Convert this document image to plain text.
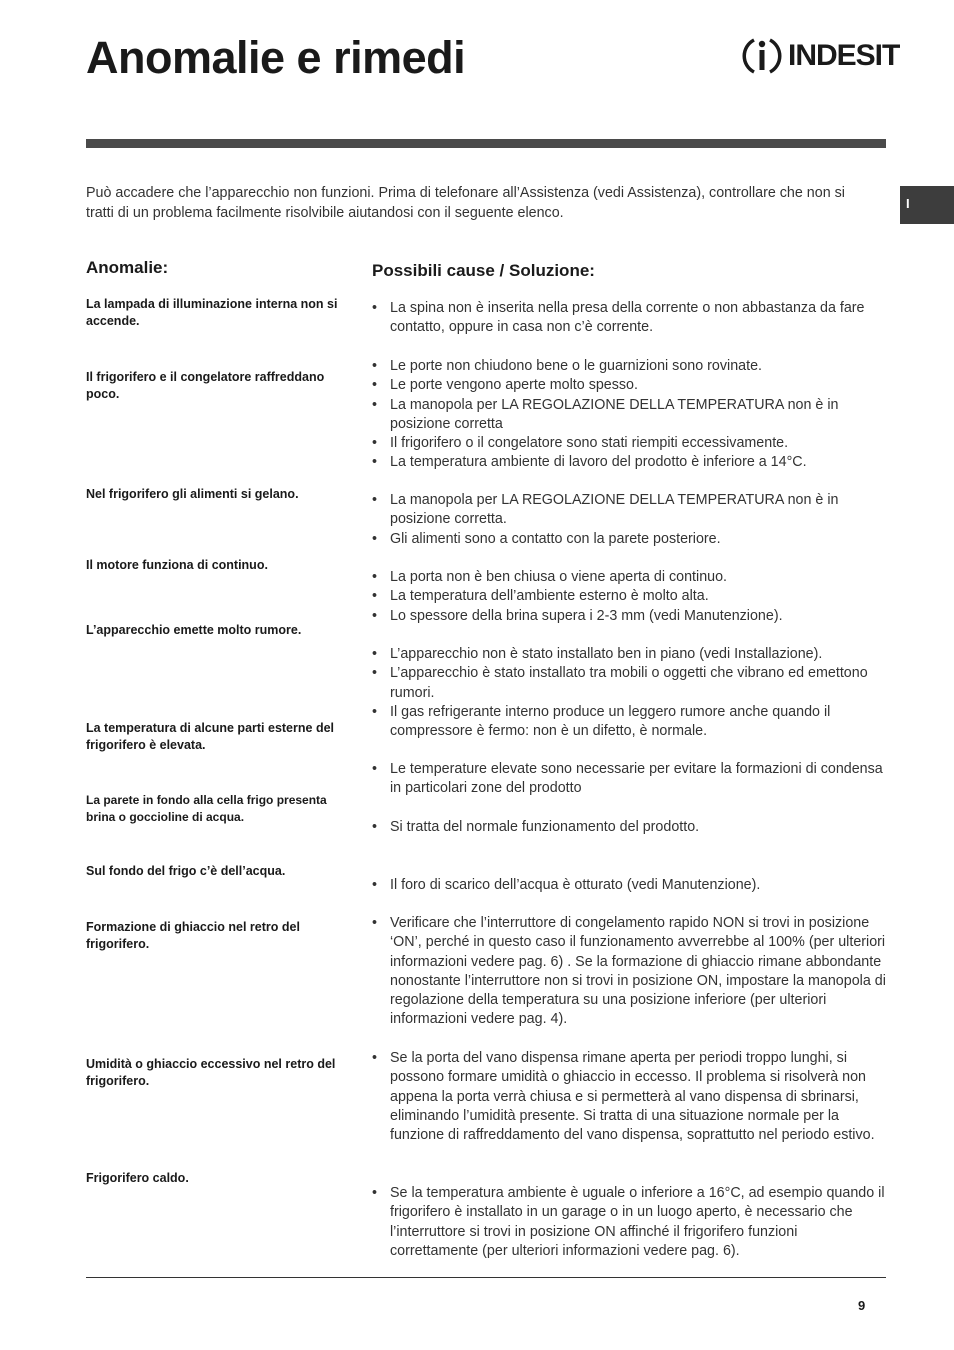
Anomalie e rimedi	INDESIT
Può accadere che l’apparecchio non funzioni. Prima di telefonare all’Assistenza (vedi Assistenza), controllare che non si tratti di un problema facilmente risolvibile aiutandosi con il seguente elenco.
I
Anomalie:	Possibili cause / Soluzione:
La lampada di illuminazione interna non si accende.
• La spina non è inserita nella presa della corrente o non abbastanza da fare contatto, oppure in casa non c’è corrente.
Il frigorifero e il congelatore raffreddano poco.
• Le porte non chiudono bene o le guarnizioni sono rovinate.
• Le porte vengono aperte molto spesso.
• La manopola per LA REGOLAZIONE DELLA TEMPERATURA non è in posizione corretta
• Il frigorifero o il congelatore sono stati riempiti eccessivamente.
• La temperatura ambiente di lavoro del prodotto è inferiore a 14°C.
Nel frigorifero gli alimenti si gelano.
•	La manopola per LA REGOLAZIONE DELLA TEMPERATURA non è in posizione corretta.
• Gli alimenti sono a contatto con la parete posteriore.
Il motore funziona di continuo.
• La porta non è ben chiusa o viene aperta di continuo.
• La temperatura dell’ambiente esterno è molto alta.
• Lo spessore della brina supera i 2-3 mm (vedi Manutenzione).
L’apparecchio emette molto rumore.
• L’apparecchio non è stato installato ben in piano (vedi Installazione).
• L’apparecchio è stato installato tra mobili o oggetti che vibrano ed emettono rumori.
• Il gas refrigerante interno produce un leggero rumore anche quando il compressore è fermo: non è un difetto, è normale.
La temperatura di alcune parti esterne del frigorifero è elevata.
• Le temperature elevate sono necessarie per evitare la formazioni di condensa in particolari zone del prodotto
La parete in fondo alla cella frigo presenta brina o goccioline di acqua.
• Si tratta del normale funzionamento del prodotto.
Sul fondo del frigo c’è dell’acqua.
• Il foro di scarico dell’acqua è otturato (vedi Manutenzione).
Formazione di ghiaccio nel retro del frigorifero.
• Verificare che l’interruttore di congelamento rapido NON si trovi in posizione ‘ON’, perché in questo caso il funzionamento avverrebbe al 100% (per ulteriori informazioni vedere pag. 6) . Se la formazione di ghiaccio rimane abbondante nonostante l’interruttore non si trovi in posizione ON, impostare la manopola di regolazione della temperatura su una posizione inferiore (per ulteriori informazioni vedere pag. 4).
Umidità o ghiaccio eccessivo nel retro del frigorifero.
• Se la porta del vano dispensa rimane aperta per periodi troppo lunghi, si possono formare umidità o ghiaccio in eccesso. Il problema si risolverà non appena la porta verrà chiusa e si permetterà al vano dispensa di sbrinarsi, eliminando l’umidità presente. Si tratta di una situazione normale per la funzione di raffreddamento del vano dispensa, soprattutto nel periodo estivo.
Frigorifero caldo.
• Se la temperatura ambiente è uguale o inferiore a 16°C, ad esempio quando il frigorifero è installato in un garage o in un luogo aperto, è necessario che l’interruttore si trovi in posizione ON affinché il frigorifero funzioni correttamente (per ulteriori informazioni vedere pag. 6).
9
